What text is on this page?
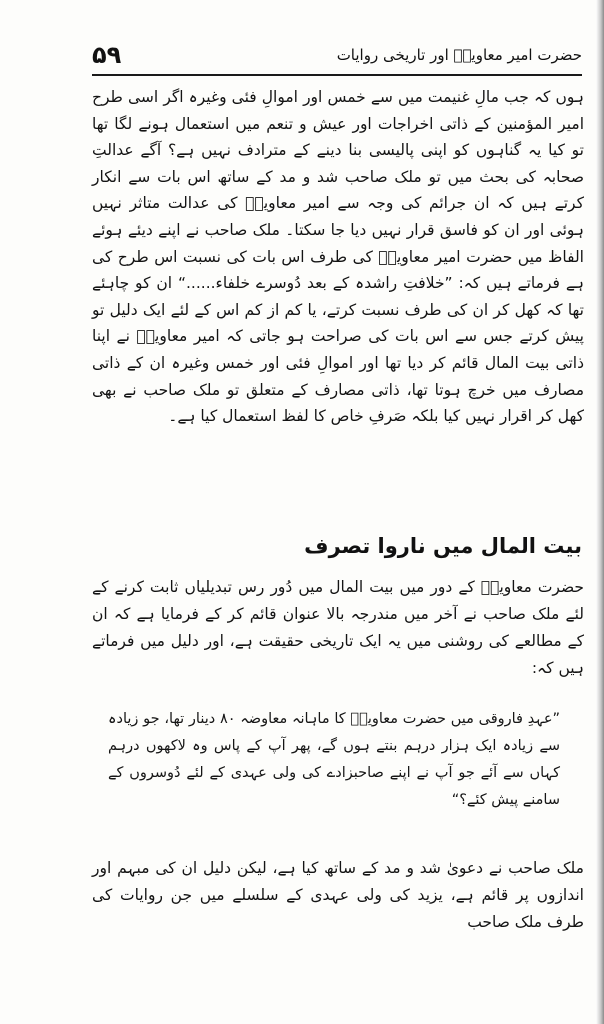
۵۹	حضرت امیر معاویہؓ اور تاریخی روایات
ہوں کہ جب مالِ غنیمت میں سے خمس اور اموالِ فئی وغیرہ اگر اسی طرح امیر المؤمنین کے ذاتی اخراجات اور عیش و تنعم میں استعمال ہونے لگا تھا تو کیا یہ گناہوں کو اپنی پالیسی بنا دینے کے مترادف نہیں ہے؟ آگے عدالتِ صحابہ کی بحث میں تو ملک صاحب شد و مد کے ساتھ اس بات سے انکار کرتے ہیں کہ ان جرائم کی وجہ سے امیر معاویہؓ کی عدالت متاثر نہیں ہوئی اور ان کو فاسق قرار نہیں دیا جا سکتا۔ ملک صاحب نے اپنے دیئے ہوئے الفاظ میں حضرت امیر معاویہؓ کی طرف اس بات کی نسبت اس طرح کی ہے فرماتے ہیں کہ: ”خلافتِ راشدہ کے بعد دُوسرے خلفاء......“ ان کو چاہئے تھا کہ کھل کر ان کی طرف نسبت کرتے، یا کم از کم اس کے لئے ایک دلیل تو پیش کرتے جس سے اس بات کی صراحت ہو جاتی کہ امیر معاویہؓ نے اپنا ذاتی بیت المال قائم کر دیا تھا اور اموالِ فئی اور خمس وغیرہ ان کے ذاتی مصارف میں خرچ ہوتا تھا، ذاتی مصارف کے متعلق تو ملک صاحب نے بھی کھل کر اقرار نہیں کیا بلکہ صَرفِ خاص کا لفظ استعمال کیا ہے۔
بیت المال میں ناروا تصرف
حضرت معاویہؓ کے دور میں بیت المال میں دُور رس تبدیلیاں ثابت کرنے کے لئے ملک صاحب نے آخر میں مندرجہ بالا عنوان قائم کر کے فرمایا ہے کہ ان کے مطالعے کی روشنی میں یہ ایک تاریخی حقیقت ہے، اور دلیل میں فرماتے ہیں کہ:
”عہدِ فاروقی میں حضرت معاویہؓ کا ماہانہ معاوضہ ۸۰ دینار تھا، جو زیادہ سے زیادہ ایک ہزار درہم بنتے ہوں گے، پھر آپ کے پاس وہ لاکھوں درہم کہاں سے آئے جو آپ نے اپنے صاحبزادے کی ولی عہدی کے لئے دُوسروں کے سامنے پیش کئے؟“
ملک صاحب نے دعویٰ شد و مد کے ساتھ کیا ہے، لیکن دلیل ان کی مبہم اور اندازوں پر قائم ہے، یزید کی ولی عہدی کے سلسلے میں جن روایات کی طرف ملک صاحب
